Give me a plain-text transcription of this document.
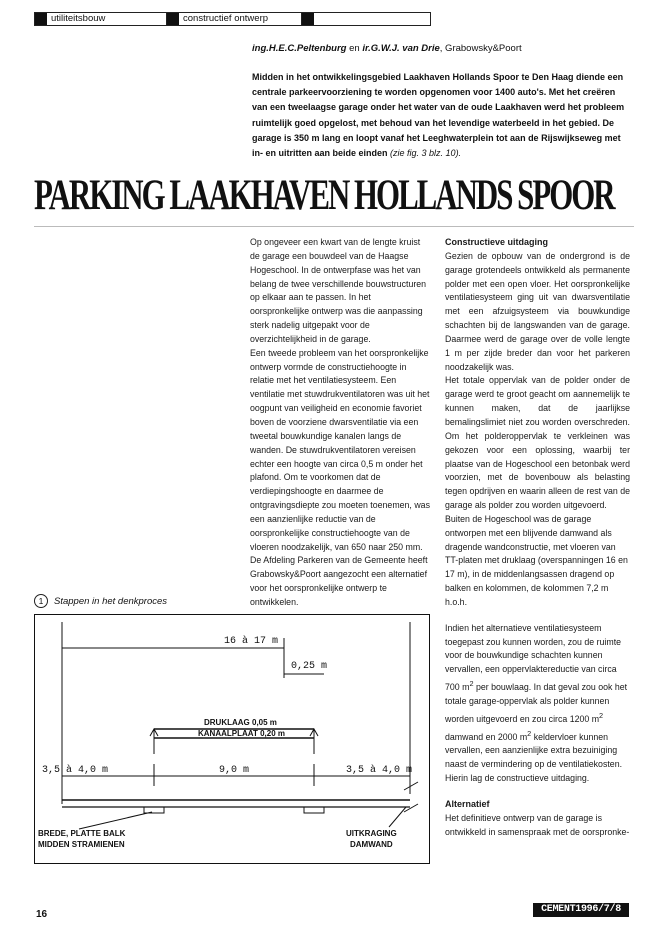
utiliteitsbouw	constructief ontwerp
ing.H.E.C.Peltenburg en ir.G.W.J. van Drie, Grabowsky&Poort
Midden in het ontwikkelingsgebied Laakhaven Hollands Spoor te Den Haag diende een centrale parkeervoorziening te worden opgenomen voor 1400 auto's. Met het creëren van een tweelaagse garage onder het water van de oude Laakhaven werd het probleem ruimtelijk goed opgelost, met behoud van het levendige waterbeeld in het gebied. De garage is 350 m lang en loopt vanaf het Leeghwaterplein tot aan de Rijswijkseweg met in- en uitritten aan beide einden (zie fig. 3 blz. 10).
PARKING LAAKHAVEN HOLLANDS SPOOR

Op ongeveer een kwart van de lengte kruist de garage een bouwdeel van de Haagse Hogeschool. In de ontwerpfase was het van belang de twee verschillende bouwstructuren op elkaar aan te passen. In het oorspronkelijke ontwerp was die aanpassing sterk nadelig uitgepakt voor de overzichtelijkheid in de garage.

Een tweede probleem van het oorspronkelijke ontwerp vormde de constructiehoogte in relatie met het ventilatiesysteem. Een ventilatie met stuwdrukventilatoren was uit het oogpunt van veiligheid en economie favoriet boven de voorziene dwarsventilatie via een tweetal bouwkundige kanalen langs de wanden. De stuwdrukventilatoren vereisen echter een hoogte van circa 0,5 m onder het plafond. Om te voorkomen dat de verdiepingshoogte en daarmee de ontgravingsdiepte zou moeten toenemen, was een aanzienlijke reductie van de oorspronkelijke constructiehoogte van de vloeren noodzakelijk, van 650 naar 250 mm. De Afdeling Parkeren van de Gemeente heeft Grabowsky&Poort aangezocht een alternatief voor het oorspronkelijke ontwerp te ontwikkelen.

Constructieve uitdaging

Gezien de opbouw van de ondergrond is de garage grotendeels ontwikkeld als permanente polder met een open vloer. Het oorspronkelijke ventilatiesysteem ging uit van dwarsventilatie met een afzuigsysteem via bouwkundige schachten bij de langswanden van de garage. Daarmee werd de garage over de volle lengte 1 m per zijde breder dan voor het parkeren noodzakelijk was.

Het totale oppervlak van de polder onder de garage werd te groot geacht om aannemelijk te kunnen maken, dat de jaarlijkse bemalingslimiet niet zou worden overschreden. Om het polderoppervlak te verkleinen was gekozen voor een oplossing, waarbij ter plaatse van de Hogeschool een betonbak werd voorzien, met de bovenbouw als belasting tegen opdrijven en waarin alleen de rest van de garage als polder zou worden uitgevoerd.

Buiten de Hogeschool was de garage ontworpen met een blijvende damwand als dragende wandconstructie, met vloeren van TT-platen met druklaag (overspanningen 16 en 17 m), in de middenlangsassen dragend op balken en kolommen, de kolommen 7,2 m h.o.h.

Indien het alternatieve ventilatiesysteem toegepast zou kunnen worden, zou de ruimte voor de bouwkundige schachten kunnen vervallen, een oppervlaktereductie van circa 700 $m^2$ per bouwlaag. In dat geval zou ook het totale garage-oppervlak als polder kunnen worden uitgevoerd en zou circa 1200 $m^2$ damwand en 2000 $m^2$ keldervloer kunnen vervallen, een aanzienlijke extra bezuiniging naast de vermindering op de ventilatiekosten.

Hierin lag de constructieve uitdaging.

Alternatief

Het definitieve ontwerp van de garage is ontwikkeld in samenspraak met de oorspronke-

1	Stappen in het denkproces
16 à 17 m
0,25 m
3,5 à 4,0 m	9,0 m	3,5 à 4,0 m
DRUKLAAG 0,05 m
KANAALPLAAT 0,20 m
BREDE, PLATTE BALK
MIDDEN STRAMIENEN
UITKRAGING
DAMWAND
16	CEMENT1996/7/8
